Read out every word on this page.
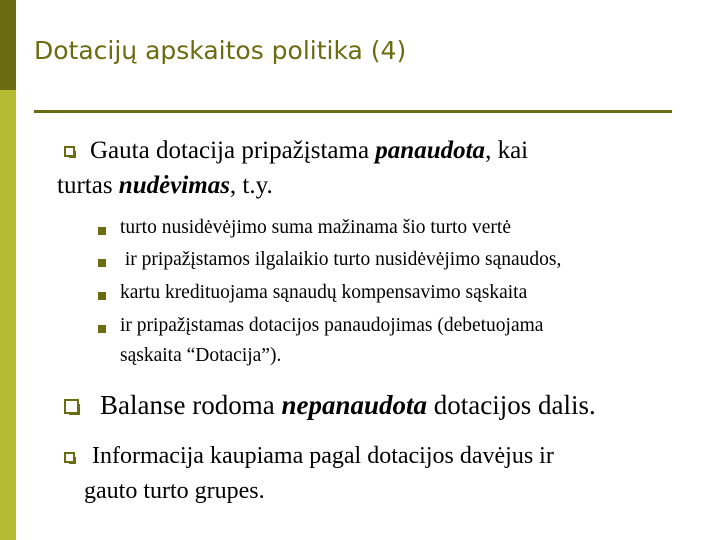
Dotacijų apskaitos politika (4)
Gauta dotacija pripažįstama panaudota, kai
turtas nudėvimas, t.y.
turto nusidėvėjimo suma mažinama šio turto vertė
ir pripažįstamos ilgalaikio turto nusidėvėjimo sąnaudos,
kartu kredituojama sąnaudų kompensavimo sąskaita
ir pripažįstamas dotacijos panaudojimas (debetuojama
sąskaita “Dotacija”).
Balanse rodoma nepanaudota dotacijos dalis.
Informacija kaupiama pagal dotacijos davėjus ir
gauto turto grupes.
